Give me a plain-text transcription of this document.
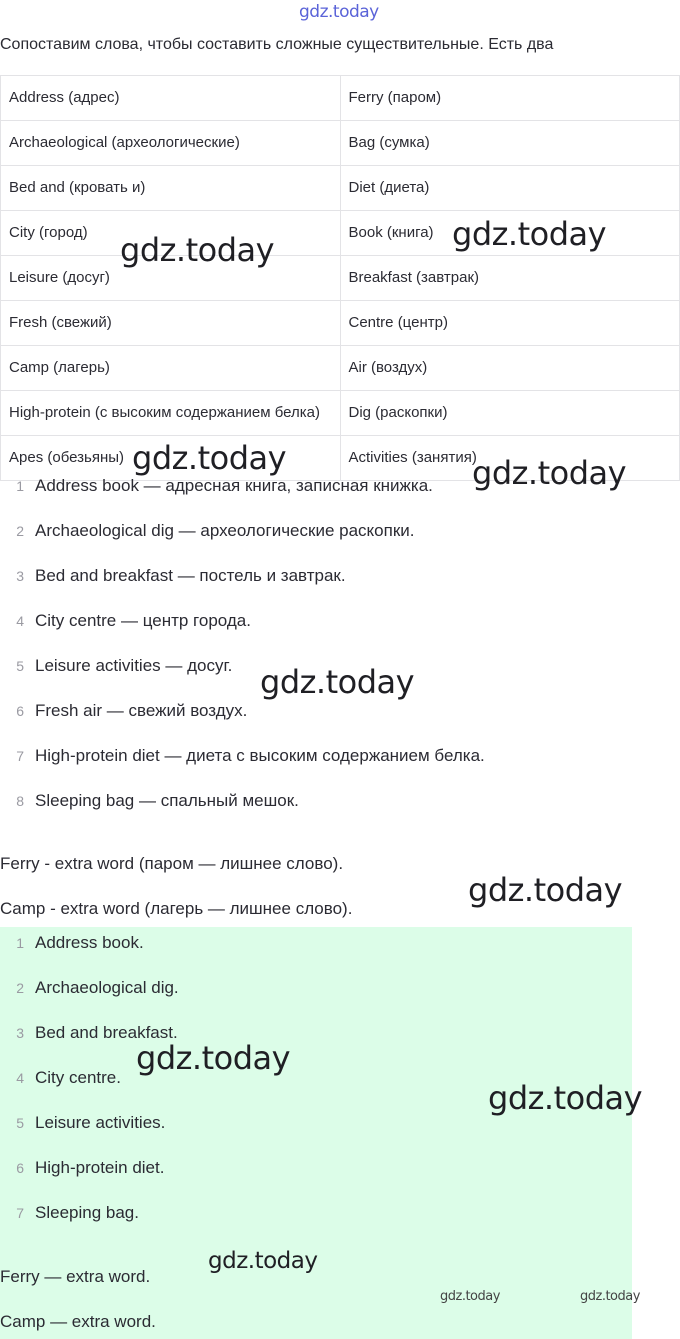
gdz.today
Сопоставим слова, чтобы составить сложные существительные. Есть два
Address (адрес)	Ferry (паром)
Archaeological (археологические)	Bag (сумка)
Bed and (кровать и)	Diet (диета)
City (город)	Book (книга)
Leisure (досуг)	Breakfast (завтрак)
Fresh (свежий)	Centre (центр)
Camp (лагерь)	Air (воздух)
High-protein (с высоким содержанием белка)	Dig (раскопки)
Apes (обезьяны)	Activities (занятия)
1 Address book — адресная книга, записная книжка.
2 Archaeological dig — археологические раскопки.
3 Bed and breakfast — постель и завтрак.
4 City centre — центр города.
5 Leisure activities — досуг.
6 Fresh air — свежий воздух.
7 High-protein diet — диета с высоким содержанием белка.
8 Sleeping bag — спальный мешок.
Ferry - extra word (паром — лишнее слово).
Camp - extra word (лагерь — лишнее слово).
1 Address book.
2 Archaeological dig.
3 Bed and breakfast.
4 City centre.
5 Leisure activities.
6 High-protein diet.
7 Sleeping bag.
Ferry — extra word.
Camp — extra word.
gdz.today	gdz.today
gdz.today	gdz.today
gdz.today
gdz.today
gdz.today
gdz.today
gdz.today
gdz.today	gdz.today
